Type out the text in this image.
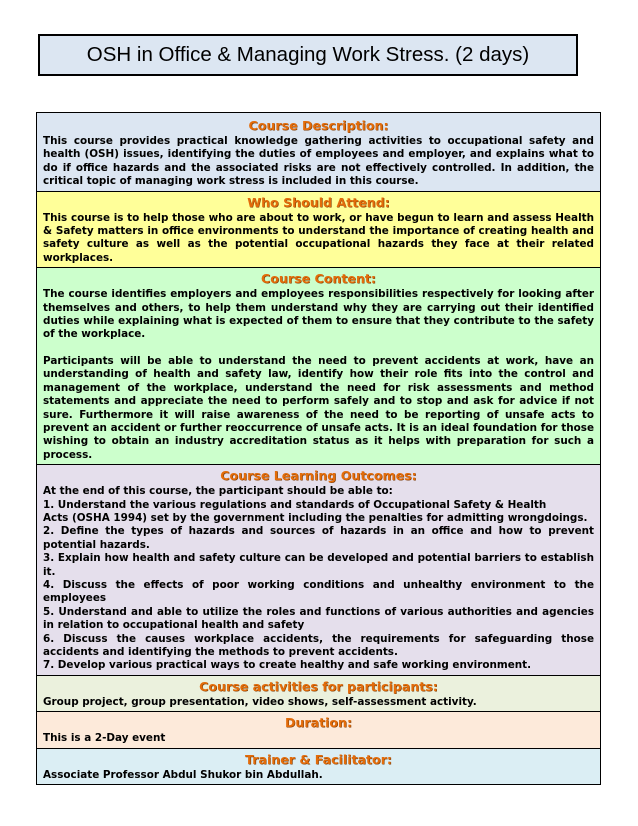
OSH in Office & Managing Work Stress. (2 days)
Course Description:

This course provides practical knowledge gathering activities to occupational safety and health (OSH) issues, identifying the duties of employees and employer, and explains what to do if office hazards and the associated risks are not effectively controlled. In addition, the critical topic of managing work stress is included in this course.

Who Should Attend:

This course is to help those who are about to work, or have begun to learn and assess Health & Safety matters in office environments to understand the importance of creating health and safety culture as well as the potential occupational hazards they face at their related workplaces.

Course Content:

The course identifies employers and employees responsibilities respectively for looking after themselves and others, to help them understand why they are carrying out their identified duties while explaining what is expected of them to ensure that they contribute to the safety of the workplace.

Participants will be able to understand the need to prevent accidents at work, have an understanding of health and safety law, identify how their role fits into the control and management of the workplace, understand the need for risk assessments and method statements and appreciate the need to perform safely and to stop and ask for advice if not sure. Furthermore it will raise awareness of the need to be reporting of unsafe acts to prevent an accident or further reoccurrence of unsafe acts. It is an ideal foundation for those wishing to obtain an industry accreditation status as it helps with preparation for such a process.

Course Learning Outcomes:

At the end of this course, the participant should be able to:

1. Understand the various regulations and standards of Occupational Safety & Health

Acts (OSHA 1994) set by the government including the penalties for admitting wrongdoings.

2. Define the types of hazards and sources of hazards in an office and how to prevent potential hazards.

3. Explain how health and safety culture can be developed and potential barriers to establish it.

4. Discuss the effects of poor working conditions and unhealthy environment to the employees

5. Understand and able to utilize the roles and functions of various authorities and agencies in relation to occupational health and safety

6. Discuss the causes workplace accidents, the requirements for safeguarding those accidents and identifying the methods to prevent accidents.

7. Develop various practical ways to create healthy and safe working environment.

Course activities for participants:

Group project, group presentation, video shows, self-assessment activity.

Duration:

This is a 2-Day event

Trainer & Facilitator:

Associate Professor Abdul Shukor bin Abdullah.
